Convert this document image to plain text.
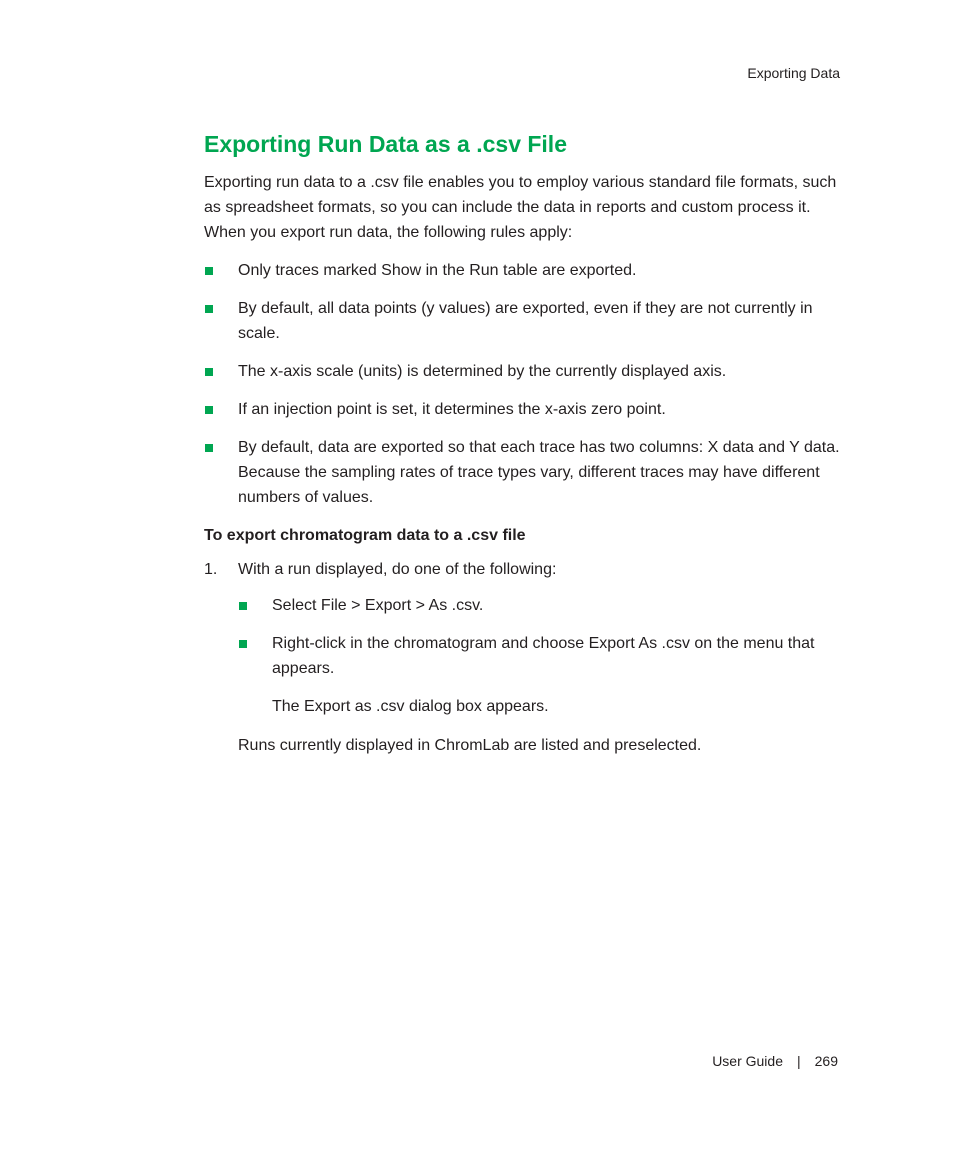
Exporting Data
Exporting Run Data as a .csv File

Exporting run data to a .csv file enables you to employ various standard file formats, such as spreadsheet formats, so you can include the data in reports and custom process it. When you export run data, the following rules apply:

Only traces marked Show in the Run table are exported.
By default, all data points (y values) are exported, even if they are not currently in scale.
The x-axis scale (units) is determined by the currently displayed axis.
If an injection point is set, it determines the x-axis zero point.
By default, data are exported so that each trace has two columns: X data and Y data. Because the sampling rates of trace types vary, different traces may have different numbers of values.
To export chromatogram data to a .csv file
1. With a run displayed, do one of the following:
Select File > Export > As .csv.
Right-click in the chromatogram and choose Export As .csv on the menu that appears.

The Export as .csv dialog box appears.

Runs currently displayed in ChromLab are listed and preselected.

User Guide | 269
